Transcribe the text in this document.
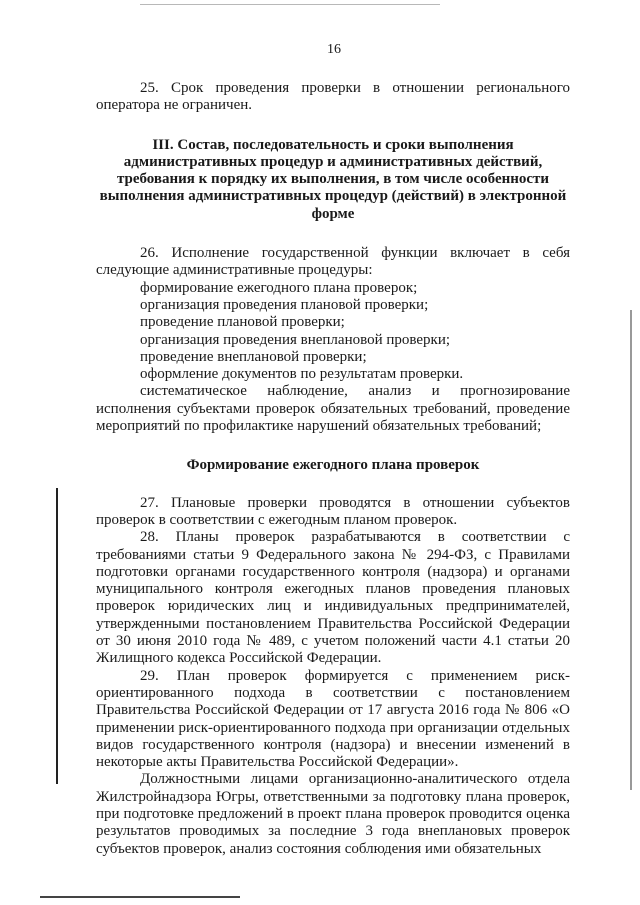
16

25. Срок проведения проверки в отношении регионального оператора не ограничен.

III. Состав, последовательность и сроки выполнения административных процедур и административных действий, требования к порядку их выполнения, в том числе особенности выполнения административных процедур (действий) в электронной форме

26. Исполнение государственной функции включает в себя следующие административные процедуры:

формирование ежегодного плана проверок;

организация проведения плановой проверки;

проведение плановой проверки;

организация проведения внеплановой проверки;

проведение внеплановой проверки;

оформление документов по результатам проверки.

систематическое наблюдение, анализ и прогнозирование исполнения субъектами проверок обязательных требований, проведение мероприятий по профилактике нарушений обязательных требований;

Формирование ежегодного плана проверок

27. Плановые проверки проводятся в отношении субъектов проверок в соответствии с ежегодным планом проверок.

28. Планы проверок разрабатываются в соответствии с требованиями статьи 9 Федерального закона № 294-ФЗ, с Правилами подготовки органами государственного контроля (надзора) и органами муниципального контроля ежегодных планов проведения плановых проверок юридических лиц и индивидуальных предпринимателей, утвержденными постановлением Правительства Российской Федерации от 30 июня 2010 года № 489, с учетом положений части 4.1 статьи 20 Жилищного кодекса Российской Федерации.

29. План проверок формируется с применением риск-ориентированного подхода в соответствии с постановлением Правительства Российской Федерации от 17 августа 2016 года № 806 «О применении риск-ориентированного подхода при организации отдельных видов государственного контроля (надзора) и внесении изменений в некоторые акты Правительства Российской Федерации».

Должностными лицами организационно-аналитического отдела Жилстройнадзора Югры, ответственными за подготовку плана проверок, при подготовке предложений в проект плана проверок проводится оценка результатов проводимых за последние 3 года внеплановых проверок субъектов проверок, анализ состояния соблюдения ими обязательных
